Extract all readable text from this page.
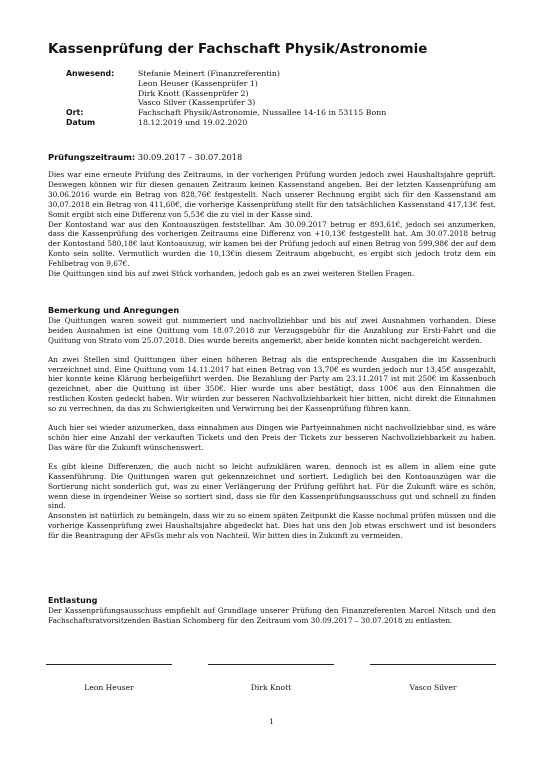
Kassenprüfung der Fachschaft Physik/Astronomie
Anwesend:	Stefanie Meinert (Finanzreferentin)
Leon Heuser (Kassenprüfer 1)
Dirk Knott (Kassenprüfer 2)
Vasco Silver (Kassenprüfer 3)
Ort:	Fachschaft Physik/Astronomie, Nussallee 14-16 in 53115 Bonn
Datum	18.12.2019 und 19.02.2020
Prüfungszeitraum: 30.09.2017 – 30.07.2018

Dies war eine erneute Prüfung des Zeitraums, in der vorherigen Prüfung wurden jedoch zwei Haushaltsjahre geprüft. Deswegen können wir für diesen genauen Zeitraum keinen Kassenstand angeben. Bei der letzten Kassenprüfung am 30.06.2016 wurde ein Betrag von 828,76€ festgestellt. Nach unserer Rechnung ergibt sich für den Kassenstand am 30.07.2018 ein Betrag von 411,60€, die vorherige Kassenprüfung stellt für den tatsächlichen Kassenstand 417,13€ fest. Somit ergibt sich eine Differenz von 5,53€ die zu viel in der Kasse sind.

Der Kontostand war aus den Kontoauszügen feststellbar. Am 30.09.2017 betrug er 893,61€, jedoch sei anzumerken, dass die Kassenprüfung des vorherigen Zeitraums eine Differenz von +10,13€ festgestellt hat. Am 30.07.2018 betrug der Kontostand 580,18€ laut Kontoauszug, wir kamen bei der Prüfung jedoch auf einen Betrag von 599,98€ der auf dem Konto sein sollte. Vermutlich wurden die 10,13€in diesem Zeitraum abgebucht, es ergibt sich jedoch trotz dem ein Fehlbetrag von 9,67€.

Die Quittungen sind bis auf zwei Stück vorhanden, jedoch gab es an zwei weiteren Stellen Fragen.

Bemerkung und Anregungen

Die Quittungen waren soweit gut nummeriert und nachvollziehbar und bis auf zwei Ausnahmen vorhanden. Diese beiden Ausnahmen ist eine Quittung vom 18.07.2018 zur Verzugsgebühr für die Anzahlung zur Ersti-Fahrt und die Quittung von Strato vom 25.07.2018. Dies wurde bereits angemerkt, aber beide konnten nicht nachgereicht werden.

An zwei Stellen sind Quittungen über einen höheren Betrag als die entsprechende Ausgaben die im Kassenbuch verzeichnet sind. Eine Quittung vom 14.11.2017 hat einen Betrag von 13,70€ es wurden jedoch nur 13,45€ ausgezahlt, hier konnte keine Klärung herbeigeführt werden. Die Bezahlung der Party am 23.11.2017 ist mit 250€ im Kassenbuch gezeichnet, aber die Quittung ist über 350€. Hier wurde uns aber bestätigt, dass 100€ aus den Einnahmen die restlichen Kosten gedeckt haben. Wir würden zur besseren Nachvollziehbarkeit hier bitten, nicht direkt die Einnahmen so zu verrechnen, da das zu Schwierigkeiten und Verwirrung bei der Kassenprüfung führen kann.

Auch hier sei wieder anzumerken, dass einnahmen aus Dingen wie Partyeinnahmen nicht nachvollziehbar sind, es wäre schön hier eine Anzahl der verkauften Tickets und den Preis der Tickets zur besseren Nachvollziehbarkeit zu haben. Das wäre für die Zukunft wünschenswert.

Es gibt kleine Differenzen, die auch nicht so leicht aufzuklären waren, dennoch ist es allem in allem eine gute Kassenführung. Die Quittungen waren gut gekennzeichnet und sortiert. Lediglich bei den Kontoauszügen war die Sortierung nicht sonderlich gut, was zu einer Verlängerung der Prüfung geführt hat. Für die Zukunft wäre es schön, wenn diese in irgendeiner Weise so sortiert sind, dass sie für den Kassenprüfungsausschuss gut und schnell zu finden sind.

Ansonsten ist natürlich zu bemängeln, dass wir zu so einem späten Zeitpunkt die Kasse nochmal prüfen müssen und die vorherige Kassenprüfung zwei Haushaltsjahre abgedeckt hat. Dies hat uns den Job etwas erschwert und ist besonders für die Beantragung der AFsGs mehr als von Nachteil. Wir bitten dies in Zukunft zu vermeiden.

Entlastung

Der Kassenprüfungsausschuss empfiehlt auf Grundlage unserer Prüfung den Finanzreferenten Marcel Nitsch und den Fachschaftsratvorsitzenden Bastian Schomberg für den Zeitraum vom 30.09.2017 – 30.07.2018 zu entlasten.

Leon Heuser	Dirk Knott	Vasco Silver
1
